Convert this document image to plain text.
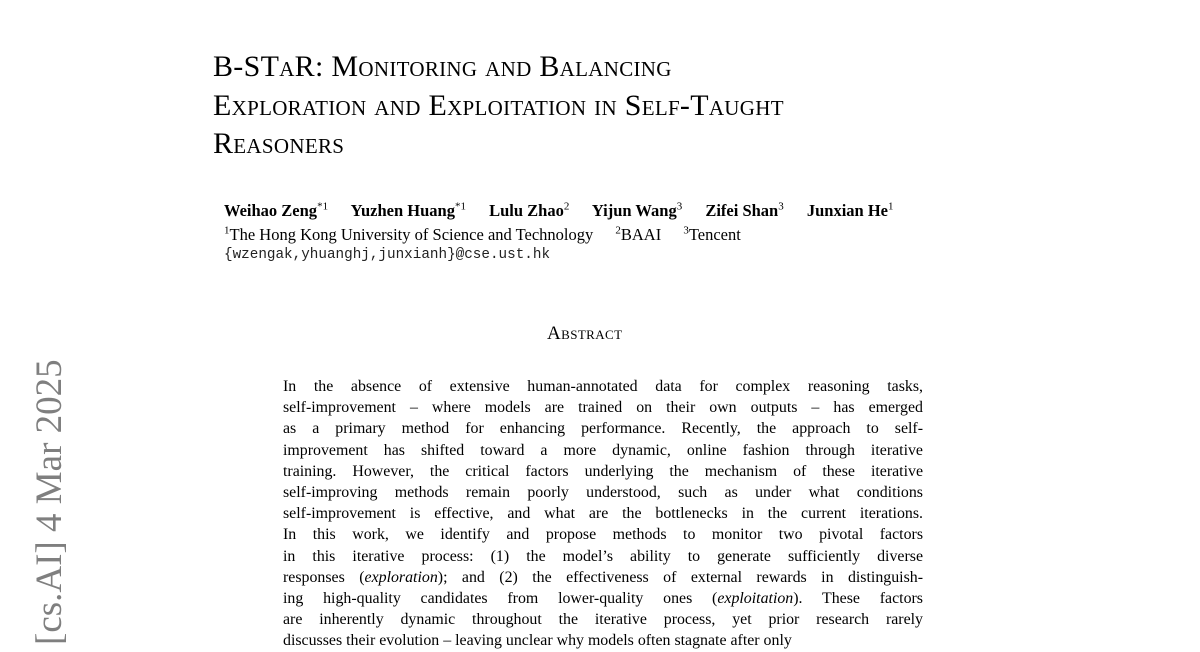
[cs.AI] 4 Mar 2025
B-STaR: Monitoring and Balancing
Exploration and Exploitation in Self-Taught
Reasoners
Weihao Zeng$^{*1}$ Yuzhen Huang$^{*1}$ Lulu Zhao$^2$ Yijun Wang$^3$ Zifei Shan$^3$ Junxian He$^1$
$^1$The Hong Kong University of Science and Technology $^2$BAAI $^3$Tencent
{wzengak,yhuanghj,junxianh}@cse.ust.hk
Abstract
In the absence of extensive human-annotated data for complex reasoning tasks,
self-improvement – where models are trained on their own outputs – has emerged
as a primary method for enhancing performance. Recently, the approach to self-
improvement has shifted toward a more dynamic, online fashion through iterative
training. However, the critical factors underlying the mechanism of these iterative
self-improving methods remain poorly understood, such as under what conditions
self-improvement is effective, and what are the bottlenecks in the current iterations.
In this work, we identify and propose methods to monitor two pivotal factors
in this iterative process: (1) the model’s ability to generate sufficiently diverse
responses (exploration); and (2) the effectiveness of external rewards in distinguish-
ing high-quality candidates from lower-quality ones (exploitation). These factors
are inherently dynamic throughout the iterative process, yet prior research rarely
discusses their evolution – leaving unclear why models often stagnate after only
